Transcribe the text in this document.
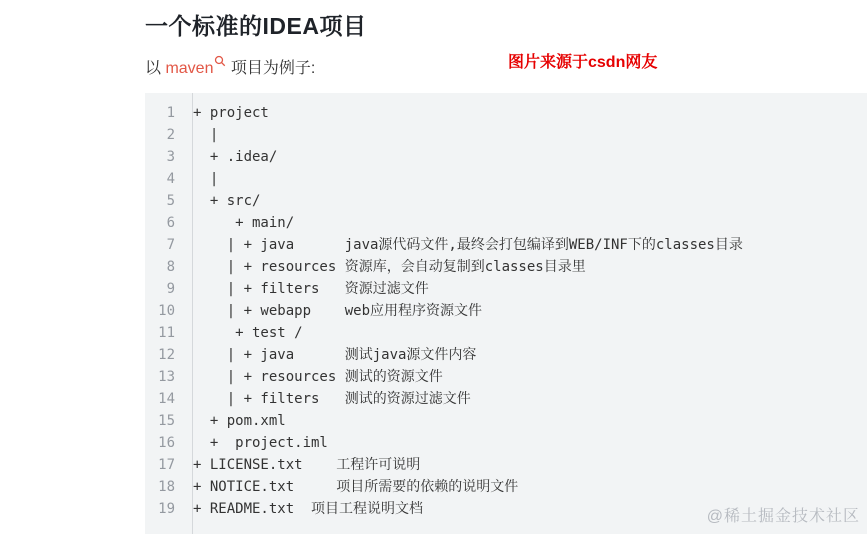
一个标准的IDEA项目

以 maven 项目为例子:	图片来源于csdn网友
1	+ project
2	|
3	+ .idea/
4	|
5	+ src/
6	+ main/
7	| + java      java源代码文件,最终会打包编译到WEB/INF下的classes目录
8	| + resources 资源库，会自动复制到classes目录里
9	| + filters   资源过滤文件
10	| + webapp    web应用程序资源文件
11	+ test /
12	| + java      测试java源文件内容
13	| + resources 测试的资源文件
14	| + filters   测试的资源过滤文件
15	+ pom.xml
16	+  project.iml
17	+ LICENSE.txt    工程许可说明
18	+ NOTICE.txt     项目所需要的依赖的说明文件
19	+ README.txt  项目工程说明文档	@稀土掘金技术社区
